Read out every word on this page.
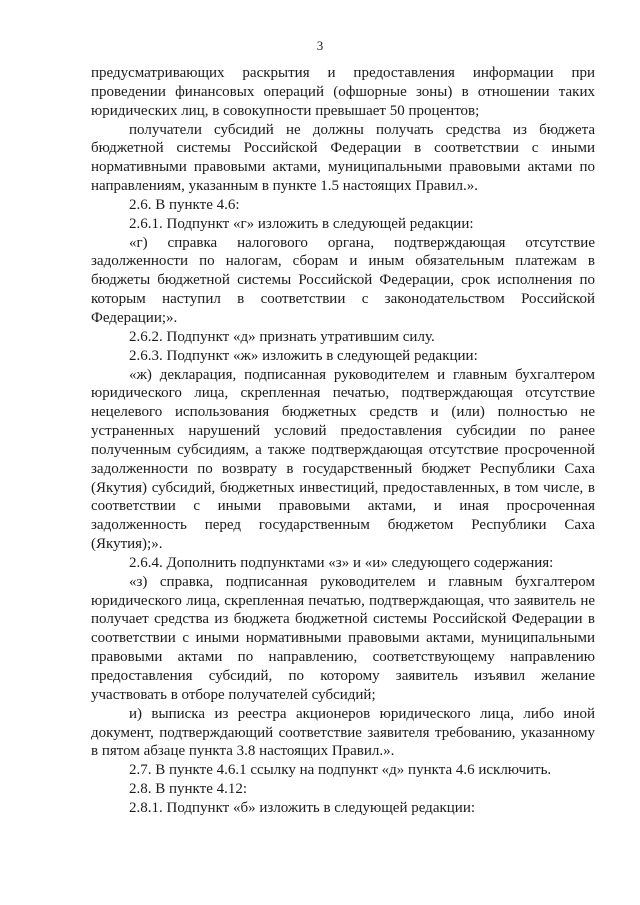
3

предусматривающих раскрытия и предоставления информации при проведении финансовых операций (офшорные зоны) в отношении таких юридических лиц, в совокупности превышает 50 процентов;

получатели субсидий не должны получать средства из бюджета бюджетной системы Российской Федерации в соответствии с иными нормативными правовыми актами, муниципальными правовыми актами по направлениям, указанным в пункте 1.5 настоящих Правил.».

2.6. В пункте 4.6:

2.6.1. Подпункт «г» изложить в следующей редакции:

«г) справка налогового органа, подтверждающая отсутствие задолженности по налогам, сборам и иным обязательным платежам в бюджеты бюджетной системы Российской Федерации, срок исполнения по которым наступил в соответствии с законодательством Российской Федерации;».

2.6.2. Подпункт «д» признать утратившим силу.

2.6.3. Подпункт «ж» изложить в следующей редакции:

«ж) декларация, подписанная руководителем и главным бухгалтером юридического лица, скрепленная печатью, подтверждающая отсутствие нецелевого использования бюджетных средств и (или) полностью не устраненных нарушений условий предоставления субсидии по ранее полученным субсидиям, а также подтверждающая отсутствие просроченной задолженности по возврату в государственный бюджет Республики Саха (Якутия) субсидий, бюджетных инвестиций, предоставленных, в том числе, в соответствии с иными правовыми актами, и иная просроченная задолженность перед государственным бюджетом Республики Саха (Якутия);».

2.6.4. Дополнить подпунктами «з» и «и» следующего содержания:

«з) справка, подписанная руководителем и главным бухгалтером юридического лица, скрепленная печатью, подтверждающая, что заявитель не получает средства из бюджета бюджетной системы Российской Федерации в соответствии с иными нормативными правовыми актами, муниципальными правовыми актами по направлению, соответствующему направлению предоставления субсидий, по которому заявитель изъявил желание участвовать в отборе получателей субсидий;

и) выписка из реестра акционеров юридического лица, либо иной документ, подтверждающий соответствие заявителя требованию, указанному в пятом абзаце пункта 3.8 настоящих Правил.».

2.7. В пункте 4.6.1 ссылку на подпункт «д» пункта 4.6 исключить.

2.8. В пункте 4.12:

2.8.1. Подпункт «б» изложить в следующей редакции:
